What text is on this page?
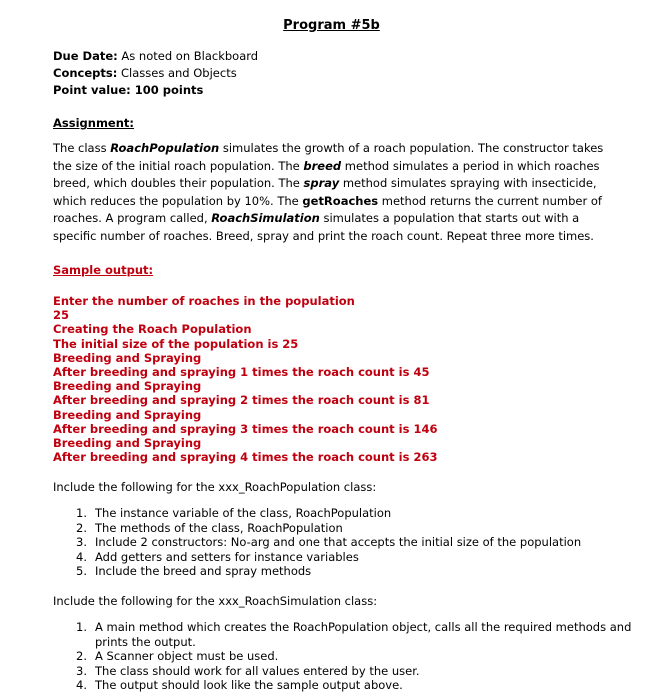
Program #5b
Due Date: As noted on Blackboard
Concepts: Classes and Objects
Point value: 100 points
Assignment:
The class RoachPopulation simulates the growth of a roach population. The constructor takes the size of the initial roach population. The breed method simulates a period in which roaches breed, which doubles their population. The spray method simulates spraying with insecticide, which reduces the population by 10%. The getRoaches method returns the current number of roaches. A program called, RoachSimulation simulates a population that starts out with a specific number of roaches. Breed, spray and print the roach count. Repeat three more times.
Sample output:
Enter the number of roaches in the population
25
Creating the Roach Population
The initial size of the population is 25
Breeding and Spraying
After breeding and spraying 1 times the roach count is 45
Breeding and Spraying
After breeding and spraying 2 times the roach count is 81
Breeding and Spraying
After breeding and spraying 3 times the roach count is 146
Breeding and Spraying
After breeding and spraying 4 times the roach count is 263
Include the following for the xxx_RoachPopulation class:
1. The instance variable of the class, RoachPopulation
2. The methods of the class, RoachPopulation
3. Include 2 constructors: No-arg and one that accepts the initial size of the population
4. Add getters and setters for instance variables
5. Include the breed and spray methods
Include the following for the xxx_RoachSimulation class:
1. A main method which creates the RoachPopulation object, calls all the required methods and prints the output.
2. A Scanner object must be used.
3. The class should work for all values entered by the user.
4. The output should look like the sample output above.
